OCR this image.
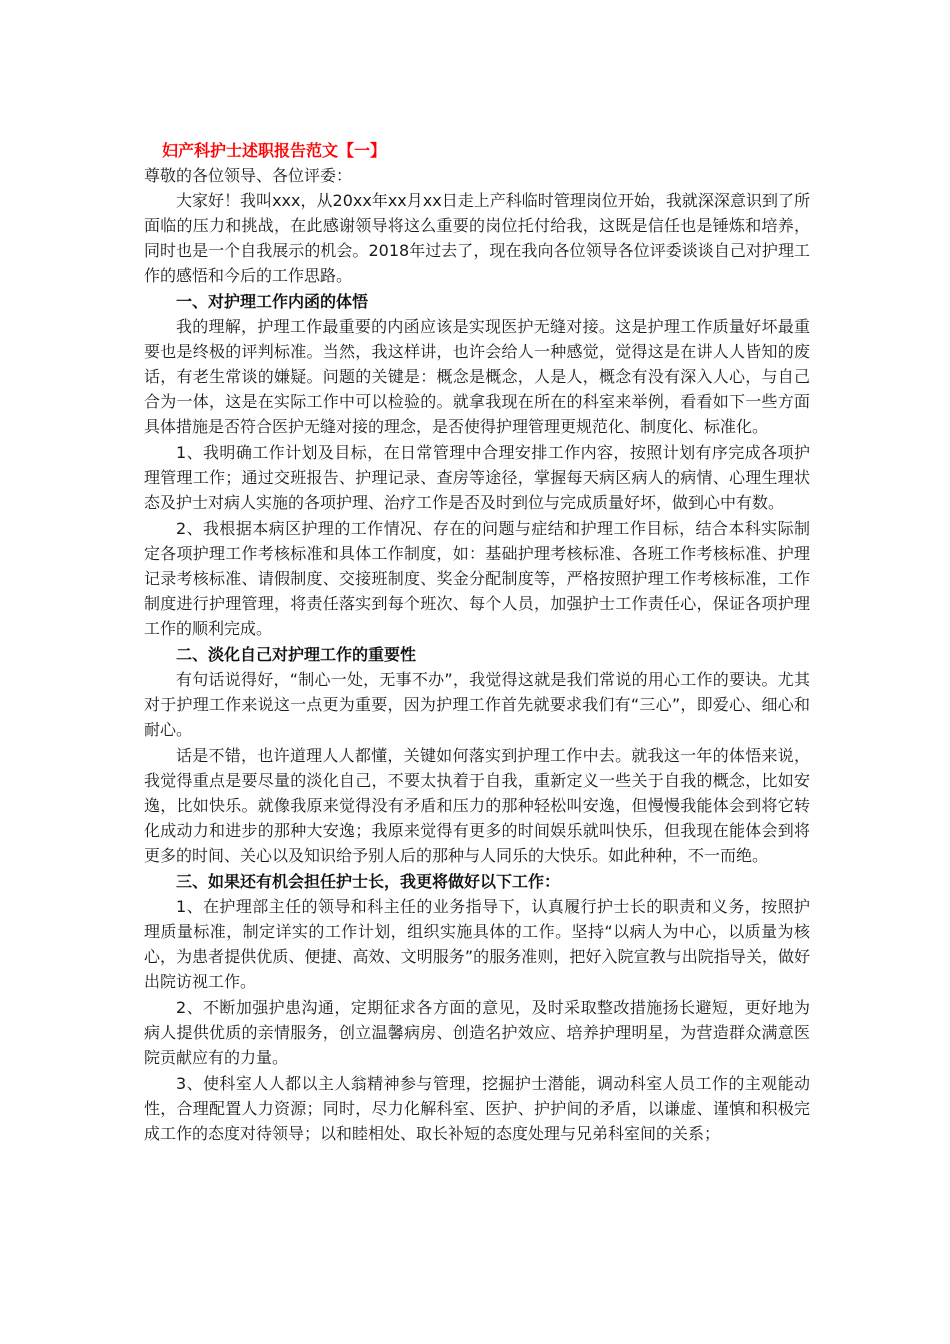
妇产科护士述职报告范文【一】

尊敬的各位领导、各位评委：

大家好！我叫xxx，从20xx年xx月xx日走上产科临时管理岗位开始，我就深深意识到了所面临的压力和挑战，在此感谢领导将这么重要的岗位托付给我，这既是信任也是锤炼和培养，同时也是一个自我展示的机会。2018年过去了，现在我向各位领导各位评委谈谈自己对护理工作的感悟和今后的工作思路。

一、对护理工作内函的体悟

我的理解，护理工作最重要的内函应该是实现医护无缝对接。这是护理工作质量好坏最重要也是终极的评判标准。当然，我这样讲，也许会给人一种感觉，觉得这是在讲人人皆知的废话，有老生常谈的嫌疑。问题的关键是：概念是概念，人是人，概念有没有深入人心，与自己合为一体，这是在实际工作中可以检验的。就拿我现在所在的科室来举例，看看如下一些方面具体措施是否符合医护无缝对接的理念，是否使得护理管理更规范化、制度化、标准化。

1、我明确工作计划及目标，在日常管理中合理安排工作内容，按照计划有序完成各项护理管理工作；通过交班报告、护理记录、查房等途径，掌握每天病区病人的病情、心理生理状态及护士对病人实施的各项护理、治疗工作是否及时到位与完成质量好坏，做到心中有数。

2、我根据本病区护理的工作情况、存在的问题与症结和护理工作目标，结合本科实际制定各项护理工作考核标准和具体工作制度，如：基础护理考核标准、各班工作考核标准、护理记录考核标准、请假制度、交接班制度、奖金分配制度等，严格按照护理工作考核标准，工作制度进行护理管理，将责任落实到每个班次、每个人员，加强护士工作责任心，保证各项护理工作的顺利完成。

二、淡化自己对护理工作的重要性

有句话说得好，“制心一处，无事不办”，我觉得这就是我们常说的用心工作的要诀。尤其对于护理工作来说这一点更为重要，因为护理工作首先就要求我们有“三心”，即爱心、细心和耐心。

话是不错，也许道理人人都懂，关键如何落实到护理工作中去。就我这一年的体悟来说，我觉得重点是要尽量的淡化自己，不要太执着于自我，重新定义一些关于自我的概念，比如安逸，比如快乐。就像我原来觉得没有矛盾和压力的那种轻松叫安逸，但慢慢我能体会到将它转化成动力和进步的那种大安逸；我原来觉得有更多的时间娱乐就叫快乐，但我现在能体会到将更多的时间、关心以及知识给予别人后的那种与人同乐的大快乐。如此种种，不一而绝。

三、如果还有机会担任护士长，我更将做好以下工作：

1、在护理部主任的领导和科主任的业务指导下，认真履行护士长的职责和义务，按照护理质量标准，制定详实的工作计划，组织实施具体的工作。坚持“以病人为中心，以质量为核心，为患者提供优质、便捷、高效、文明服务”的服务准则，把好入院宣教与出院指导关，做好出院访视工作。

2、不断加强护患沟通，定期征求各方面的意见，及时采取整改措施扬长避短，更好地为病人提供优质的亲情服务，创立温馨病房、创造名护效应、培养护理明星，为营造群众满意医院贡献应有的力量。

3、使科室人人都以主人翁精神参与管理，挖掘护士潜能，调动科室人员工作的主观能动性，合理配置人力资源；同时，尽力化解科室、医护、护护间的矛盾，以谦虚、谨慎和积极完成工作的态度对待领导；以和睦相处、取长补短的态度处理与兄弟科室间的关系；
